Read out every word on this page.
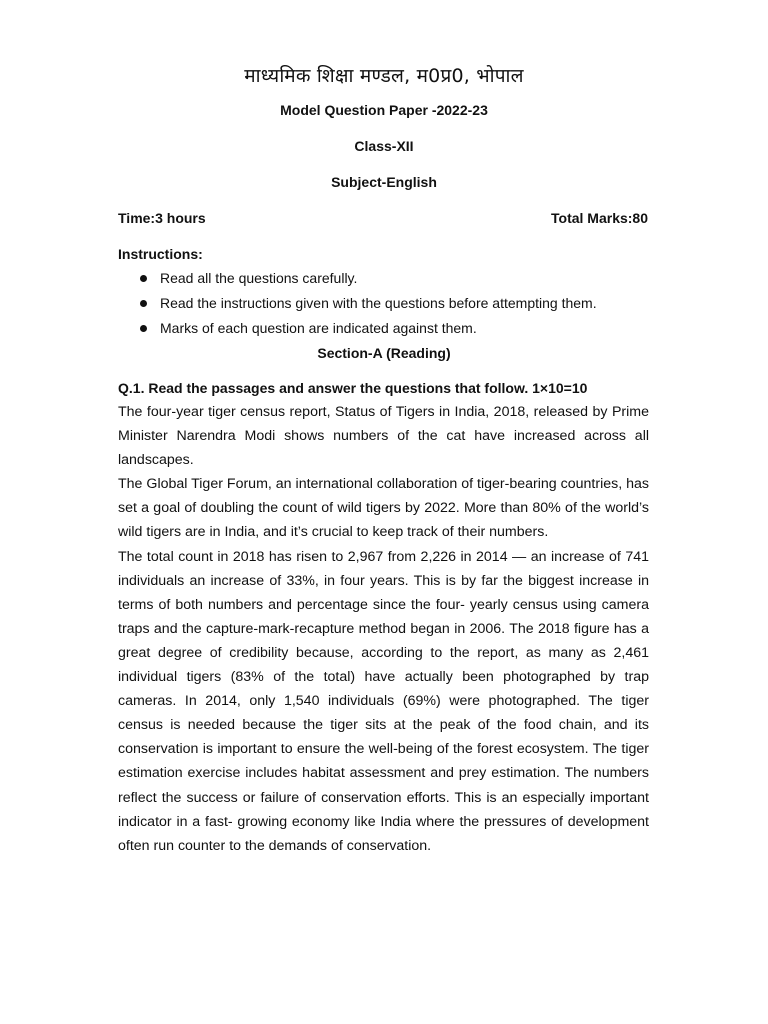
माध्यमिक शिक्षा मण्डल, म0प्र0, भोपाल
Model Question Paper -2022-23
Class-XII
Subject-English
Time:3 hours	Total Marks:80
Instructions:
Read all the questions carefully.
Read the instructions given with the questions before attempting them.
Marks of each question are indicated against them.
Section-A (Reading)
Q.1. Read the passages and answer the questions that follow. 1×10=10

The four-year tiger census report, Status of Tigers in India, 2018, released by Prime Minister Narendra Modi shows numbers of the cat have increased across all landscapes.

The Global Tiger Forum, an international collaboration of tiger-bearing countries, has set a goal of doubling the count of wild tigers by 2022. More than 80% of the world’s wild tigers are in India, and it’s crucial to keep track of their numbers.

The total count in 2018 has risen to 2,967 from 2,226 in 2014 — an increase of 741 individuals an increase of 33%, in four years. This is by far the biggest increase in terms of both numbers and percentage since the four- yearly census using camera traps and the capture-mark-recapture method began in 2006. The 2018 figure has a great degree of credibility because, according to the report, as many as 2,461 individual tigers (83% of the total) have actually been photographed by trap cameras. In 2014, only 1,540 individuals (69%) were photographed. The tiger census is needed because the tiger sits at the peak of the food chain, and its conservation is important to ensure the well-being of the forest ecosystem. The tiger estimation exercise includes habitat assessment and prey estimation. The numbers reflect the success or failure of conservation efforts. This is an especially important indicator in a fast- growing economy like India where the pressures of development often run counter to the demands of conservation.
